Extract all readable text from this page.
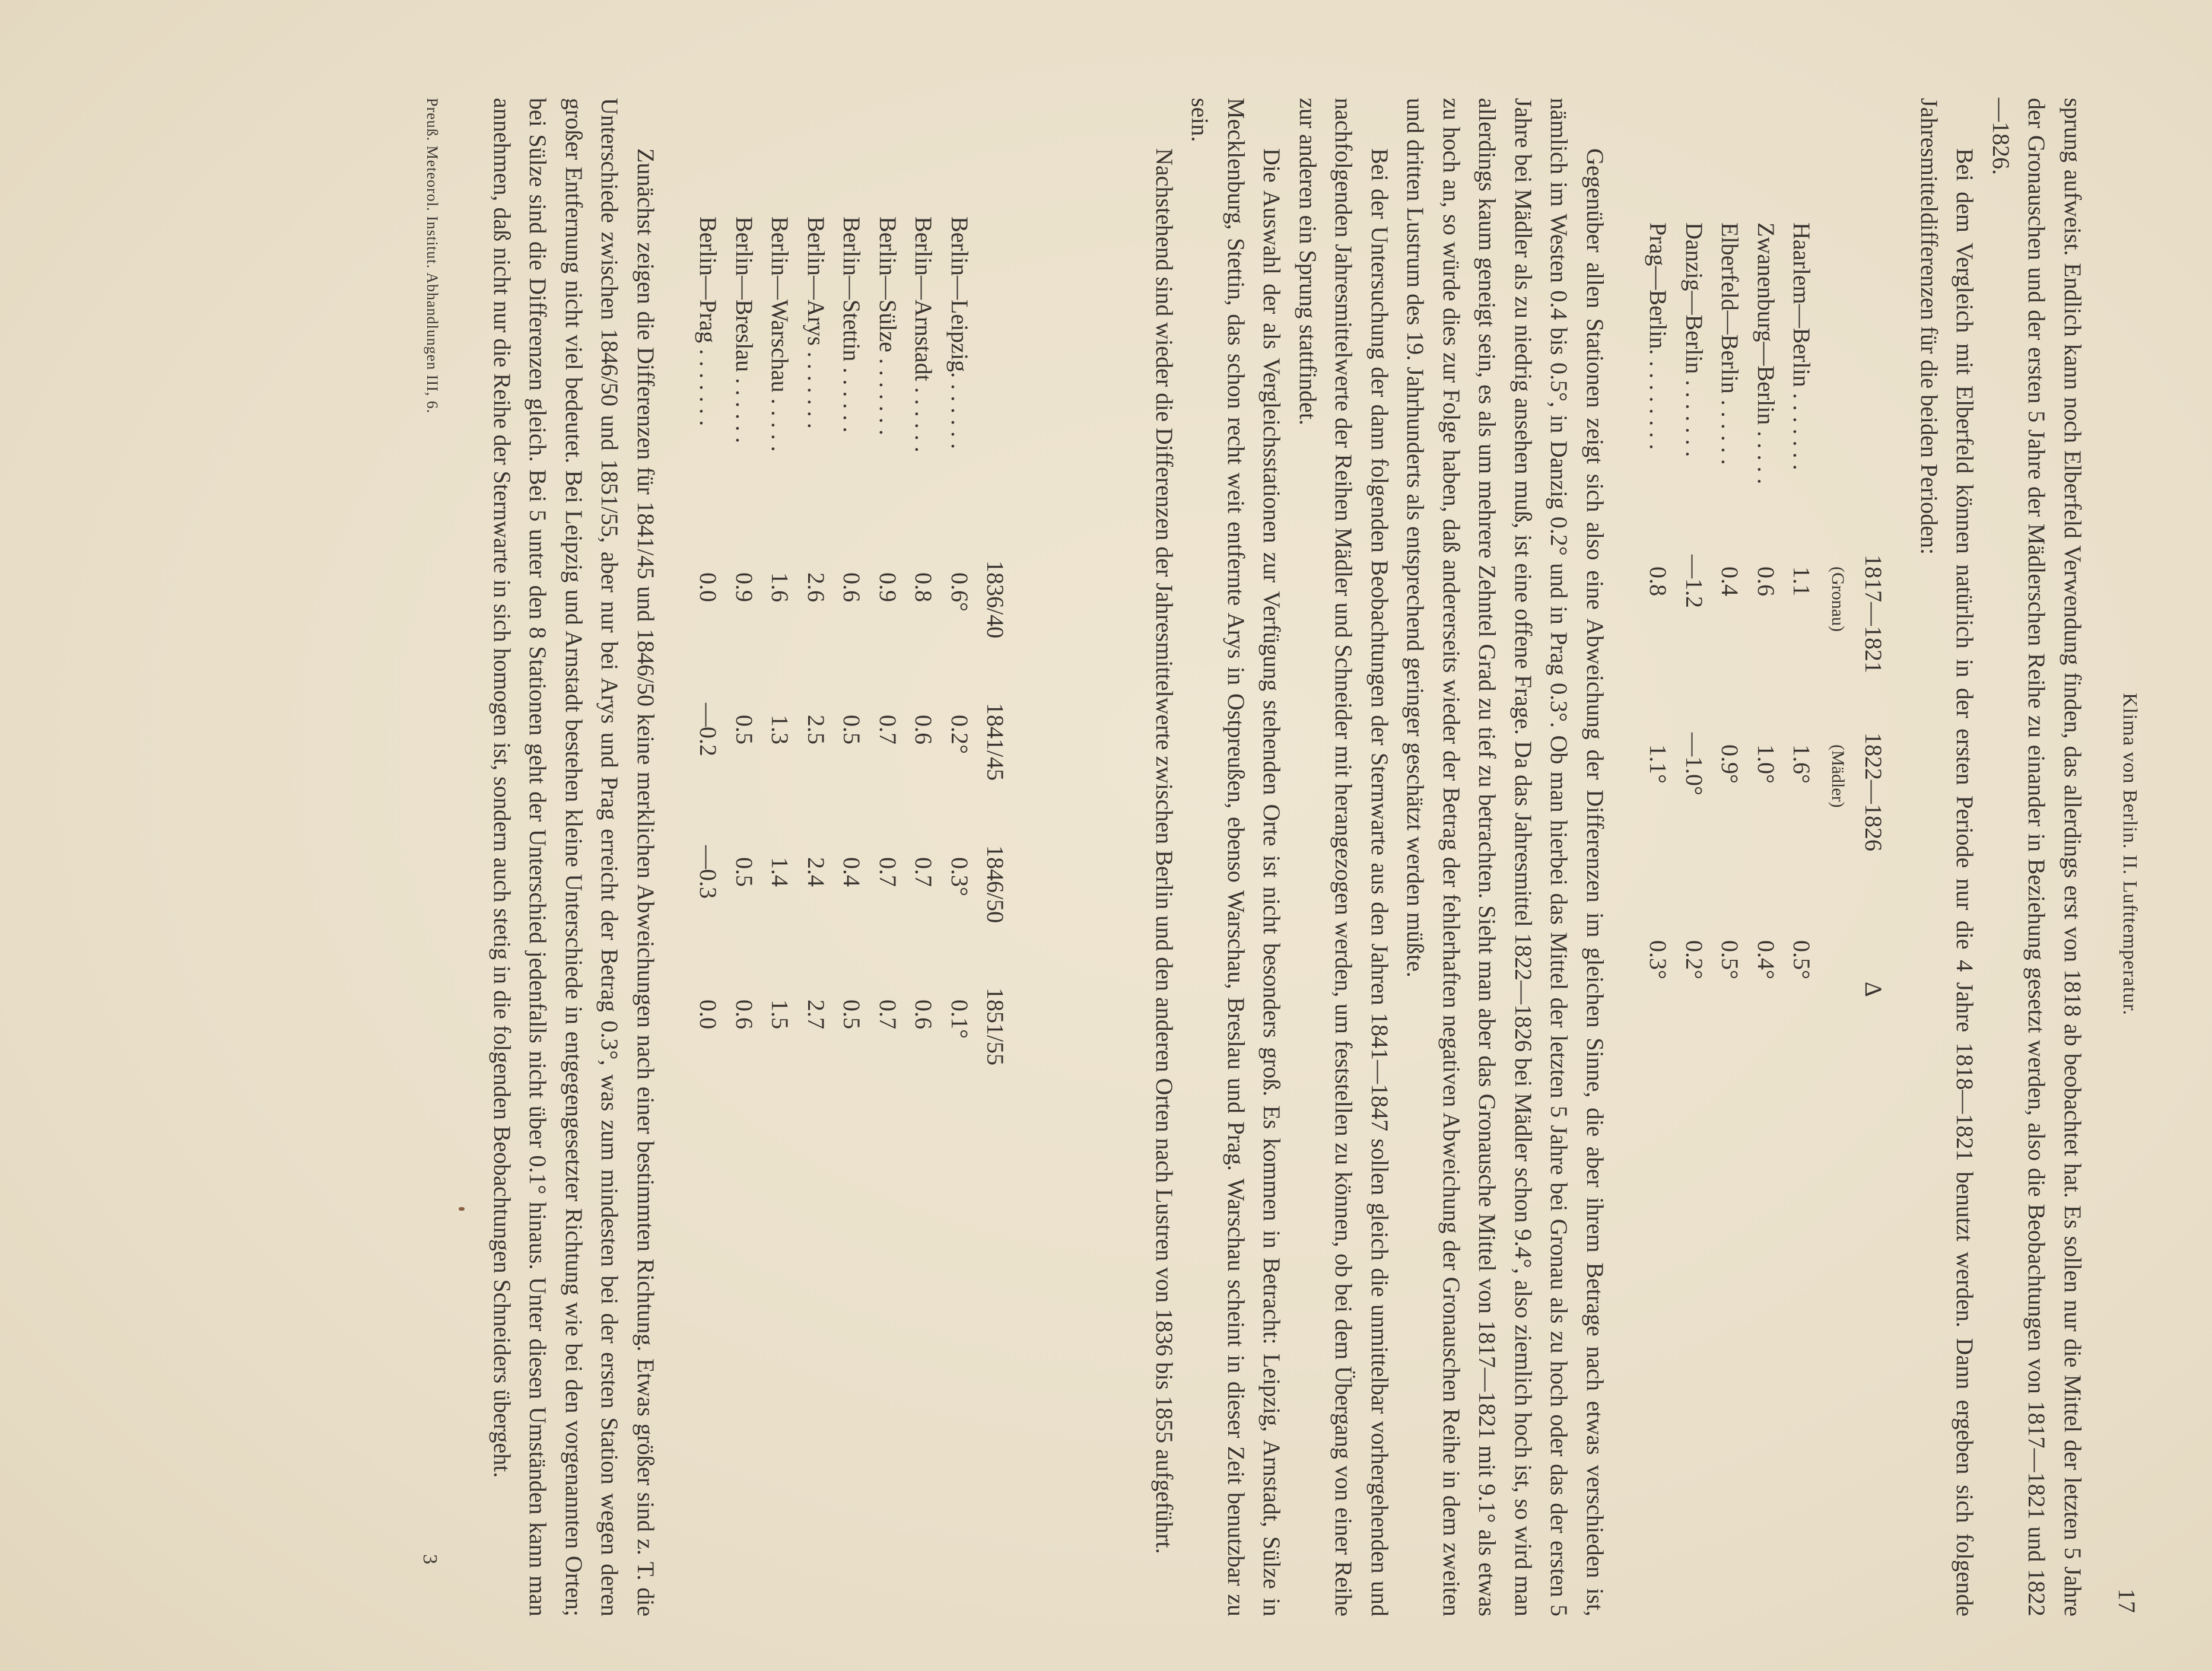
Klima von Berlin. II. Lufttemperatur.
17

sprung aufweist. Endlich kann noch Elberfeld Verwendung finden, das allerdings erst von 1818 ab beobachtet hat. Es sollen nur die Mittel der letzten 5 Jahre der Gronauschen und der ersten 5 Jahre der Mädlerschen Reihe zu einander in Beziehung gesetzt werden, also die Beobachtungen von 1817—1821 und 1822—1826.

Bei dem Vergleich mit Elberfeld können natürlich in der ersten Periode nur die 4 Jahre 1818—1821 benutzt werden. Dann ergeben sich folgende Jahresmitteldifferenzen für die beiden Perioden:

	1817—1821	1822—1826	Δ
	(Gronau)	(Mädler)	
Haarlem—Berlin . . . . . . .	1.1	1.6°	0.5°
Zwanenburg—Berlin . . . . .	0.6	1.0°	0.4°
Elberfeld—Berlin . . . . . .	0.4	0.9°	0.5°
Danzig—Berlin . . . . . . .	—1.2	—1.0°	0.2°
Prag—Berlin. . . . . . . . .	0.8	1.1°	0.3°

Gegenüber allen Stationen zeigt sich also eine Abweichung der Differenzen im gleichen Sinne, die aber ihrem Betrage nach etwas verschieden ist, nämlich im Westen 0.4 bis 0.5°, in Danzig 0.2° und in Prag 0.3°. Ob man hierbei das Mittel der letzten 5 Jahre bei Gronau als zu hoch oder das der ersten 5 Jahre bei Mädler als zu niedrig ansehen muß, ist eine offene Frage. Da das Jahresmittel 1822—1826 bei Mädler schon 9.4°, also ziemlich hoch ist, so wird man allerdings kaum geneigt sein, es als um mehrere Zehntel Grad zu tief zu betrachten. Sieht man aber das Gronausche Mittel von 1817—1821 mit 9.1° als etwas zu hoch an, so würde dies zur Folge haben, daß andererseits wieder der Betrag der fehlerhaften negativen Abweichung der Gronauschen Reihe in dem zweiten und dritten Lustrum des 19. Jahrhunderts als entsprechend geringer geschätzt werden müßte.

Bei der Untersuchung der dann folgenden Beobachtungen der Sternwarte aus den Jahren 1841—1847 sollen gleich die unmittelbar vorhergehenden und nachfolgenden Jahresmittelwerte der Reihen Mädler und Schneider mit herangezogen werden, um feststellen zu können, ob bei dem Übergang von einer Reihe zur anderen ein Sprung stattfindet.

Die Auswahl der als Vergleichsstationen zur Verfügung stehenden Orte ist nicht besonders groß. Es kommen in Betracht: Leipzig, Arnstadt, Sülze in Mecklenburg, Stettin, das schon recht weit entfernte Arys in Ostpreußen, ebenso Warschau, Breslau und Prag. Warschau scheint in dieser Zeit benutzbar zu sein.

Nachstehend sind wieder die Differenzen der Jahresmittelwerte zwischen Berlin und den anderen Orten nach Lustren von 1836 bis 1855 aufgeführt.

	1836/40	1841/45	1846/50	1851/55
Berlin—Leipzig. . . . . . .	0.6°	0.2°	0.3°	0.1°
Berlin—Arnstadt . . . . . .	0.8	0.6	0.7	0.6
Berlin—Sülze . . . . . . .	0.9	0.7	0.7	0.7
Berlin—Stettin . . . . . .	0.6	0.5	0.4	0.5
Berlin—Arys . . . . . . .	2.6	2.5	2.4	2.7
Berlin—Warschau . . . . .	1.6	1.3	1.4	1.5
Berlin—Breslau . . . . . .	0.9	0.5	0.5	0.6
Berlin—Prag . . . . . . .	0.0	—0.2	—0.3	0.0

Zunächst zeigen die Differenzen für 1841/45 und 1846/50 keine merklichen Abweichungen nach einer bestimmten Richtung. Etwas größer sind z. T. die Unterschiede zwischen 1846/50 und 1851/55, aber nur bei Arys und Prag erreicht der Betrag 0.3°, was zum mindesten bei der ersten Station wegen deren großer Entfernung nicht viel bedeutet. Bei Leipzig und Arnstadt bestehen kleine Unterschiede in entgegengesetzter Richtung wie bei den vorgenannten Orten; bei Sülze sind die Differenzen gleich. Bei 5 unter den 8 Stationen geht der Unterschied jedenfalls nicht über 0.1° hinaus. Unter diesen Umständen kann man annehmen, daß nicht nur die Reihe der Sternwarte in sich homogen ist, sondern auch stetig in die folgenden Beobachtungen Schneiders übergeht.

Preuß. Meteorol. Institut. Abhandlungen III, 6.
3
